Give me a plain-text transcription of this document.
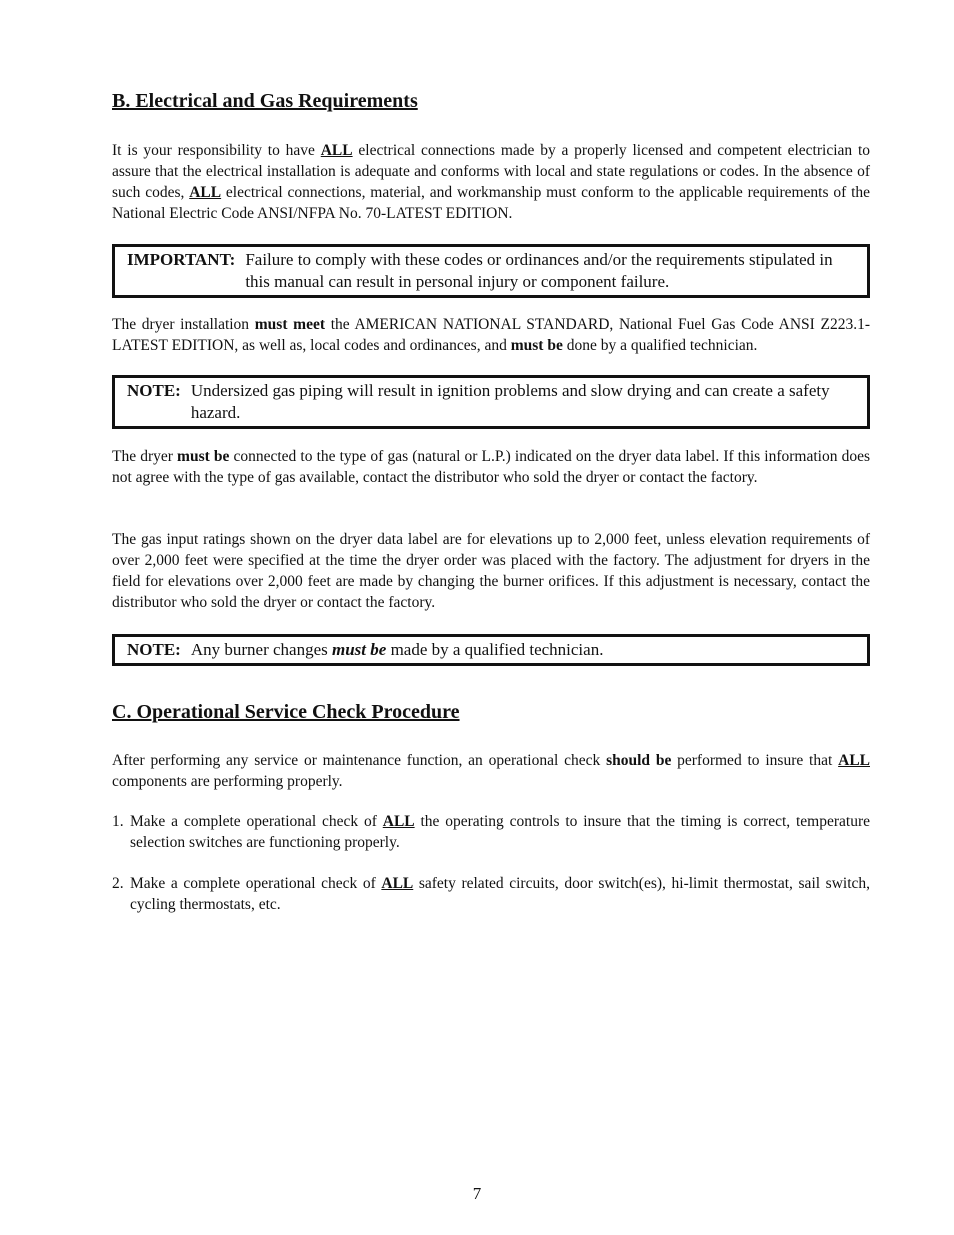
B. Electrical and Gas Requirements

It is your responsibility to have ALL electrical connections made by a properly licensed and competent electrician to assure that the electrical installation is adequate and conforms with local and state regulations or codes. In the absence of such codes, ALL electrical connections, material, and workmanship must conform to the applicable requirements of the National Electric Code ANSI/NFPA No. 70-LATEST EDITION.

IMPORTANT: Failure to comply with these codes or ordinances and/or the requirements stipulated in this manual can result in personal injury or component failure.

The dryer installation must meet the AMERICAN NATIONAL STANDARD, National Fuel Gas Code ANSI Z223.1-LATEST EDITION, as well as, local codes and ordinances, and must be done by a qualified technician.

NOTE: Undersized gas piping will result in ignition problems and slow drying and can create a safety hazard.

The dryer must be connected to the type of gas (natural or L.P.) indicated on the dryer data label. If this information does not agree with the type of gas available, contact the distributor who sold the dryer or contact the factory.

The gas input ratings shown on the dryer data label are for elevations up to 2,000 feet, unless elevation requirements of over 2,000 feet were specified at the time the dryer order was placed with the factory. The adjustment for dryers in the field for elevations over 2,000 feet are made by changing the burner orifices. If this adjustment is necessary, contact the distributor who sold the dryer or contact the factory.

NOTE: Any burner changes must be made by a qualified technician.
C. Operational Service Check Procedure

After performing any service or maintenance function, an operational check should be performed to insure that ALL components are performing properly.

1. Make a complete operational check of ALL the operating controls to insure that the timing is correct, temperature selection switches are functioning properly.
2. Make a complete operational check of ALL safety related circuits, door switch(es), hi-limit thermostat, sail switch, cycling thermostats, etc.
7
